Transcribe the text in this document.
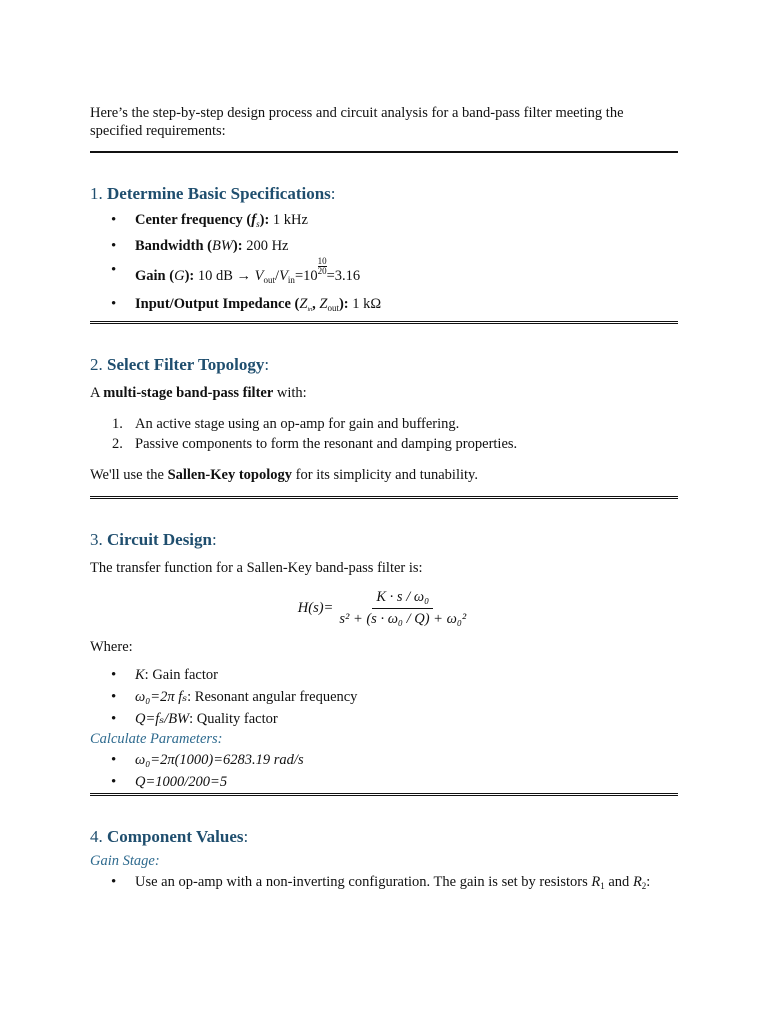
Here’s the step-by-step design process and circuit analysis for a band-pass filter meeting the specified requirements:

1. Determine Basic Specifications:
• Center frequency $(f_s)$: 1 kHz
• Bandwidth (BW): 200 Hz
• Gain (G): 10 dB → $V_{out}/V_{in}=10 \frac{10}{20} =3.16$
• Input/Output Impedance ($Z_{in}$, $Z_{out}$): 1 kΩ
2. Select Filter Topology:

A multi-stage band-pass filter with:

1. An active stage using an op-amp for gain and buffering.
2. Passive components to form the resonant and damping properties.

We'll use the Sallen-Key topology for its simplicity and tunability.

3. Circuit Design:

The transfer function for a Sallen-Key band-pass filter is:

$H(s)= \frac{\text{K · s / ω₀}}{\text{s² + (s · ω₀ / Q) + ω₀²}}$

Where:

• K: Gain factor
• ω₀=2π fₛ: Resonant angular frequency
• Q=fₛ/BW: Quality factor

Calculate Parameters:

• ω₀=2π(1000)=6283.19 rad/s
• Q=1000/200=5
4. Component Values:

Gain Stage:

• Use an op-amp with a non-inverting configuration. The gain is set by resistors $R_1$ and $R_2$:
